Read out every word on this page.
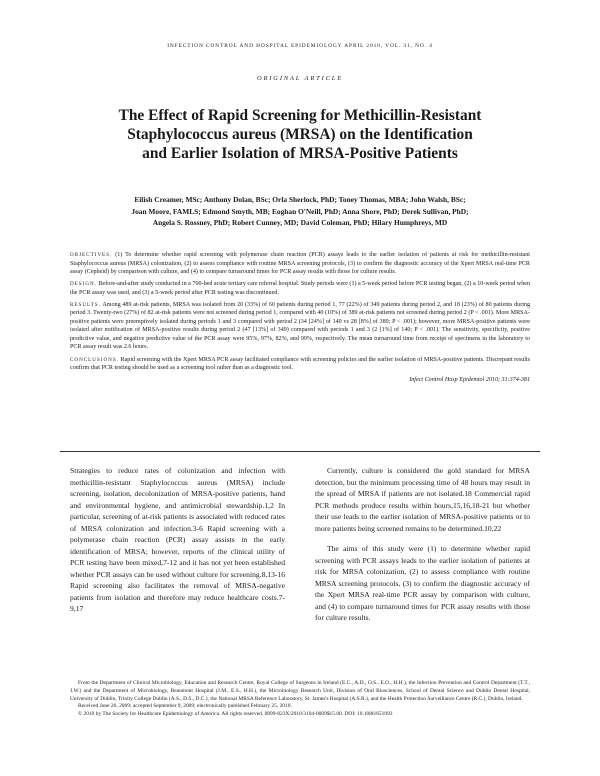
INFECTION CONTROL AND HOSPITAL EPIDEMIOLOGY APRIL 2010, VOL. 31, NO. 4
ORIGINAL ARTICLE
The Effect of Rapid Screening for Methicillin-Resistant
Staphylococcus aureus (MRSA) on the Identification
and Earlier Isolation of MRSA-Positive Patients
Eilish Creamer, MSc; Anthony Dolan, BSc; Orla Sherlock, PhD; Toney Thomas, MBA; John Walsh, BSc;
Joan Moore, FAMLS; Edmond Smyth, MB; Eoghan O'Neill, PhD; Anna Shore, PhD; Derek Sullivan, PhD;
Angela S. Rossney, PhD; Robert Cunney, MD; David Coleman, PhD; Hilary Humphreys, MD

OBJECTIVES. (1) To determine whether rapid screening with polymerase chain reaction (PCR) assays leads to the earlier isolation of patients at risk for methicillin-resistant Staphylococcus aureus (MRSA) colonization, (2) to assess compliance with routine MRSA screening protocols, (3) to confirm the diagnostic accuracy of the Xpert MRSA real-time PCR assay (Cepheid) by comparison with culture, and (4) to compare turnaround times for PCR assay results with those for culture results.

DESIGN. Before-and-after study conducted in a 700-bed acute tertiary care referral hospital. Study periods were (1) a 5-week period before PCR testing began, (2) a 10-week period when the PCR assay was used, and (3) a 5-week period after PCR testing was discontinued.

RESULTS. Among 489 at-risk patients, MRSA was isolated from 20 (33%) of 60 patients during period 1, 77 (22%) of 349 patients during period 2, and 18 (23%) of 80 patients during period 3. Twenty-two (27%) of 82 at-risk patients were not screened during period 1, compared with 40 (10%) of 389 at-risk patients not screened during period 2 (P < .001). More MRSA-positive patients were preemptively isolated during periods 1 and 3 compared with period 2 (34 [24%] of 140 vs 28 [8%] of 389; P < .001); however, more MRSA-positive patients were isolated after notification of MRSA-positive results during period 2 (47 [13%] of 349) compared with periods 1 and 3 (2 [1%] of 140; P < .001). The sensitivity, specificity, positive predictive value, and negative predictive value of the PCR assay were 95%, 97%, 82%, and 99%, respectively. The mean turnaround time from receipt of specimens in the laboratory to PCR assay result was 2.6 hours.

CONCLUSIONS. Rapid screening with the Xpert MRSA PCR assay facilitated compliance with screening policies and the earlier isolation of MRSA-positive patients. Discrepant results confirm that PCR testing should be used as a screening tool rather than as a diagnostic tool.

Infect Control Hosp Epidemiol 2010; 31:374-381

Strategies to reduce rates of colonization and infection with methicillin-resistant Staphylococcus aureus (MRSA) include screening, isolation, decolonization of MRSA-positive patients, hand and environmental hygiene, and antimicrobial stewardship.1,2 In particular, screening of at-risk patients is associated with reduced rates of MRSA colonization and infection.3-6 Rapid screening with a polymerase chain reaction (PCR) assay assists in the early identification of MRSA; however, reports of the clinical utility of PCR testing have been mixed,7-12 and it has not yet been established whether PCR assays can be used without culture for screening.8,13-16 Rapid screening also facilitates the removal of MRSA-negative patients from isolation and therefore may reduce healthcare costs.7-9,17

Currently, culture is considered the gold standard for MRSA detection, but the minimum processing time of 48 hours may result in the spread of MRSA if patients are not isolated.18 Commercial rapid PCR methods produce results within hours,15,16,18-21 but whether their use leads to the earlier isolation of MRSA-positive patients or to more patients being screened remains to be determined.10,22

The aims of this study were (1) to determine whether rapid screening with PCR assays leads to the earlier isolation of patients at risk for MRSA colonization, (2) to assess compliance with routine MRSA screening protocols, (3) to confirm the diagnostic accuracy of the Xpert MRSA real-time PCR assay by comparison with culture, and (4) to compare turnaround times for PCR assay results with those for culture results.

From the Department of Clinical Microbiology, Education and Research Centre, Royal College of Surgeons in Ireland (E.C., A.D., O.S., E.O., H.H.), the Infection Prevention and Control Department (T.T., J.W.) and the Department of Microbiology, Beaumont Hospital (J.M., E.S., H.H.), the Microbiology Research Unit, Division of Oral Biosciences, School of Dental Science and Dublin Dental Hospital, University of Dublin, Trinity College Dublin (A.S., D.S., D.C.), the National MRSA Reference Laboratory, St. James's Hospital (A.S.R.), and the Health Protection Surveillance Centre (R.C.), Dublin, Ireland.

Received June 26, 2009; accepted September 9, 2009; electronically published February 25, 2010.

© 2010 by The Society for Healthcare Epidemiology of America. All rights reserved. 0899-823X/2010/3104-0009$15.00. DOI: 10.1086/651093
